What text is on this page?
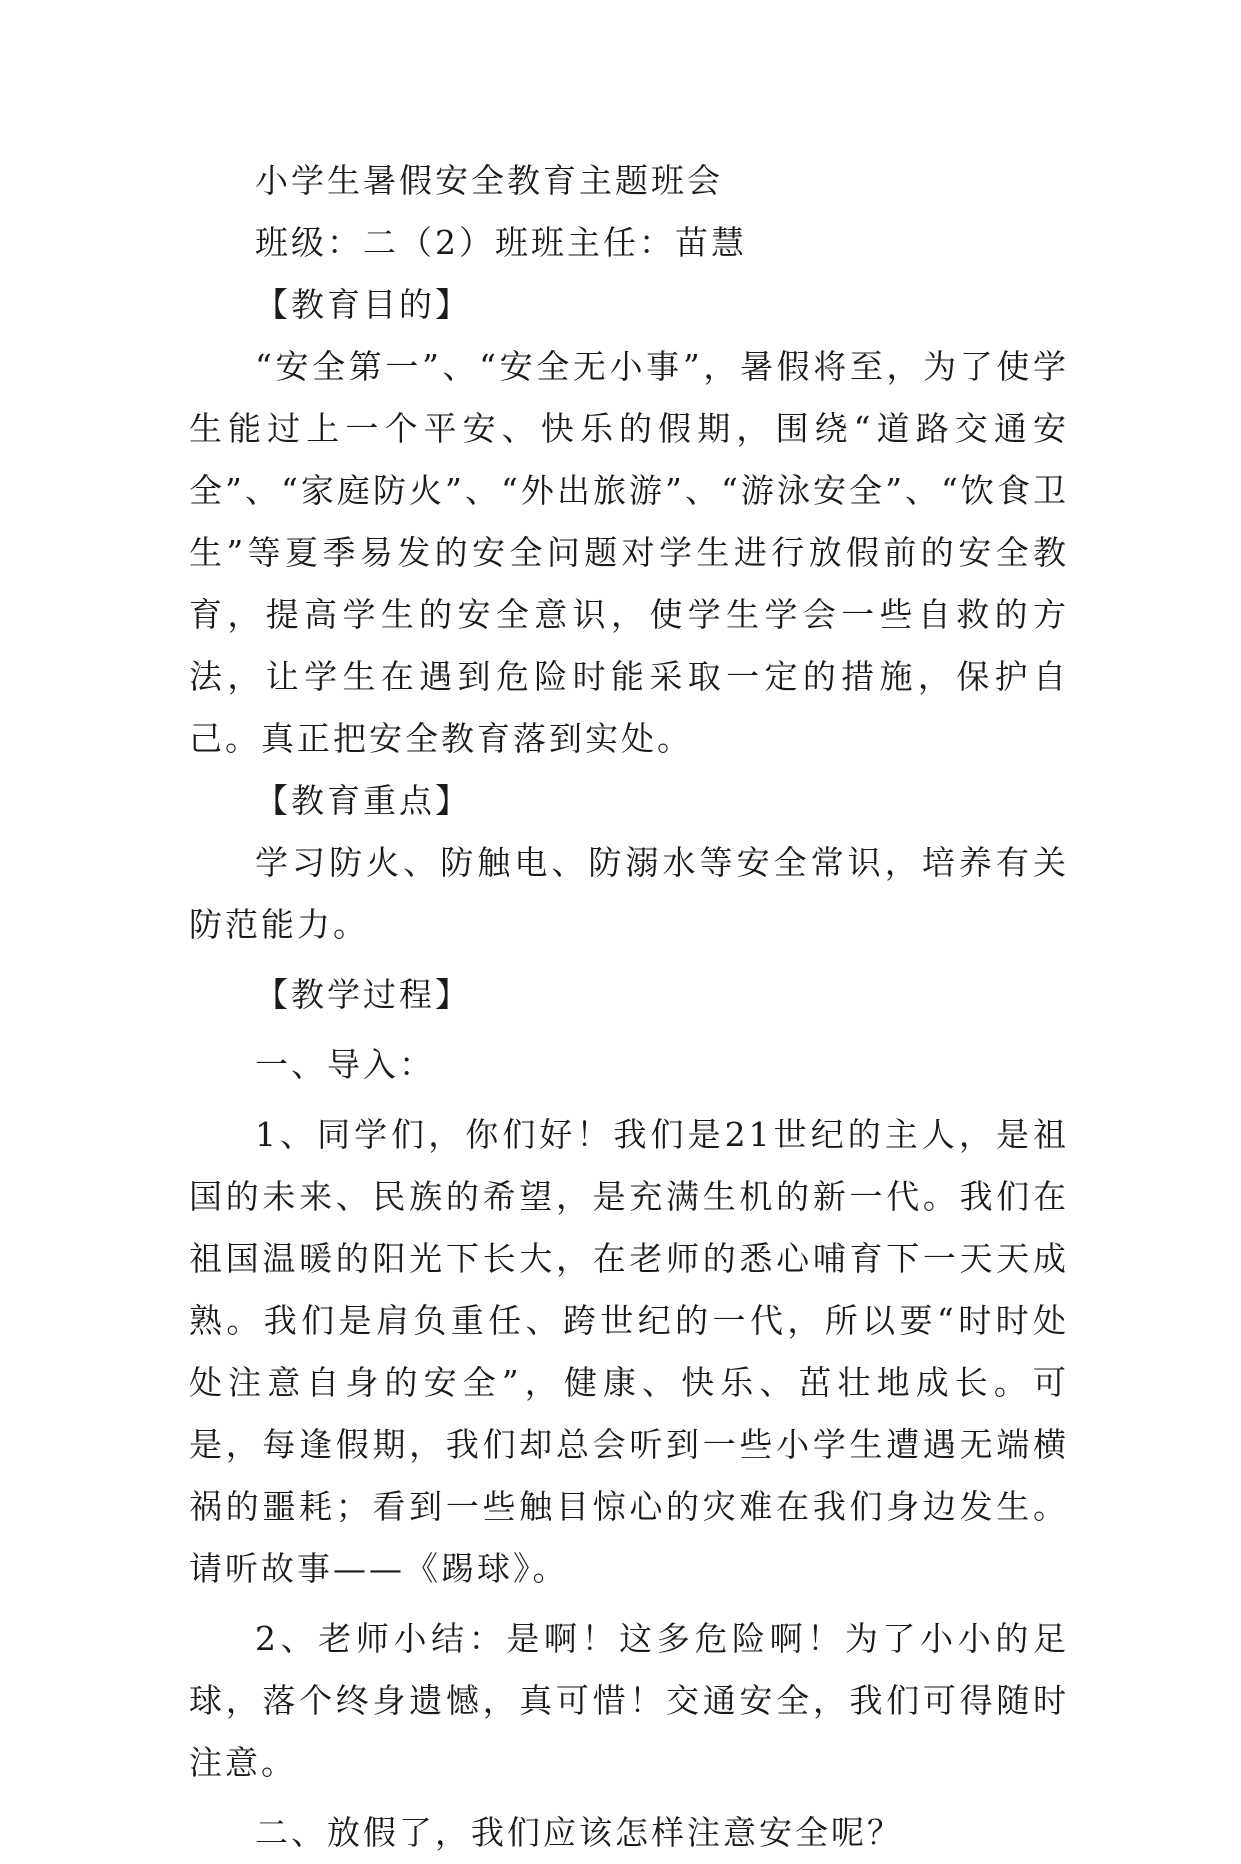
小学生暑假安全教育主题班会

班级：二（2）班班主任：苗慧

【教育目的】

“安全第一”、“安全无小事”，暑假将至，为了使学生能过上一个平安、快乐的假期，围绕“道路交通安全”、“家庭防火”、“外出旅游”、“游泳安全”、“饮食卫生”等夏季易发的安全问题对学生进行放假前的安全教育，提高学生的安全意识，使学生学会一些自救的方法，让学生在遇到危险时能采取一定的措施，保护自己。真正把安全教育落到实处。

【教育重点】

学习防火、防触电、防溺水等安全常识，培养有关防范能力。

【教学过程】

一、导入：

1、同学们，你们好！我们是21世纪的主人，是祖国的未来、民族的希望，是充满生机的新一代。我们在祖国温暖的阳光下长大，在老师的悉心哺育下一天天成熟。我们是肩负重任、跨世纪的一代，所以要“时时处处注意自身的安全”，健康、快乐、茁壮地成长。可是，每逢假期，我们却总会听到一些小学生遭遇无端横祸的噩耗；看到一些触目惊心的灾难在我们身边发生。请听故事——《踢球》。

2、老师小结：是啊！这多危险啊！为了小小的足球，落个终身遗憾，真可惜！交通安全，我们可得随时注意。

二、放假了，我们应该怎样注意安全呢？
